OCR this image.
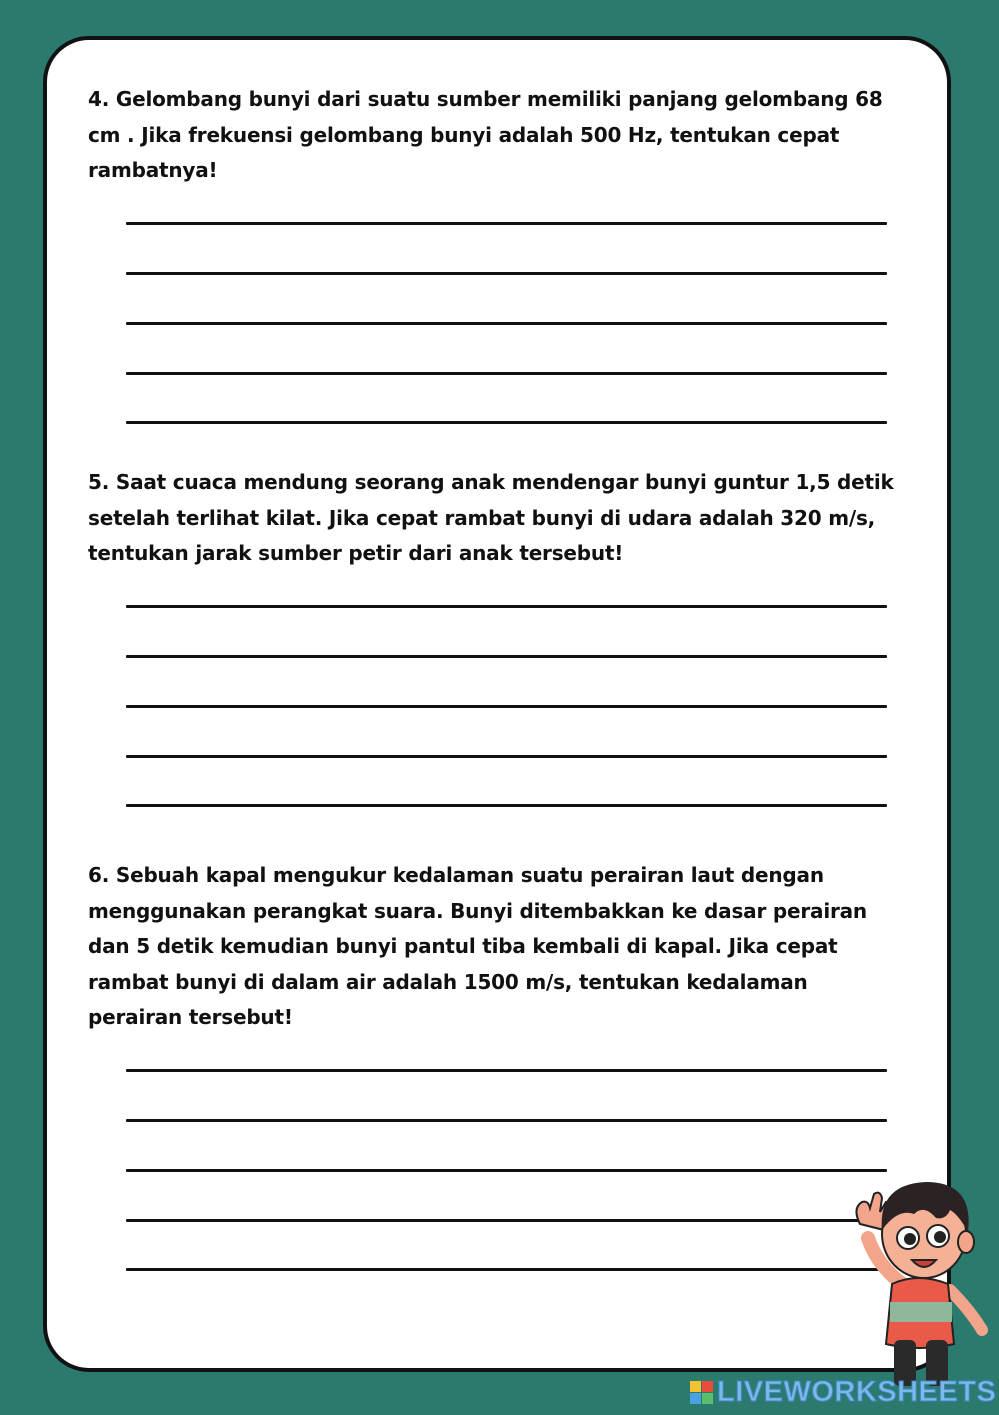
4. Gelombang bunyi dari suatu sumber memiliki panjang gelombang 68 cm . Jika frekuensi gelombang bunyi adalah 500 Hz, tentukan cepat rambatnya!

5. Saat cuaca mendung seorang anak mendengar bunyi guntur 1,5 detik setelah terlihat kilat. Jika cepat rambat bunyi di udara adalah 320 m/s, tentukan jarak sumber petir dari anak tersebut!

6. Sebuah kapal mengukur kedalaman suatu perairan laut dengan menggunakan perangkat suara. Bunyi ditembakkan ke dasar perairan dan 5 detik kemudian bunyi pantul tiba kembali di kapal. Jika cepat rambat bunyi di dalam air adalah 1500 m/s, tentukan kedalaman perairan tersebut!

LIVEWORKSHEETS
